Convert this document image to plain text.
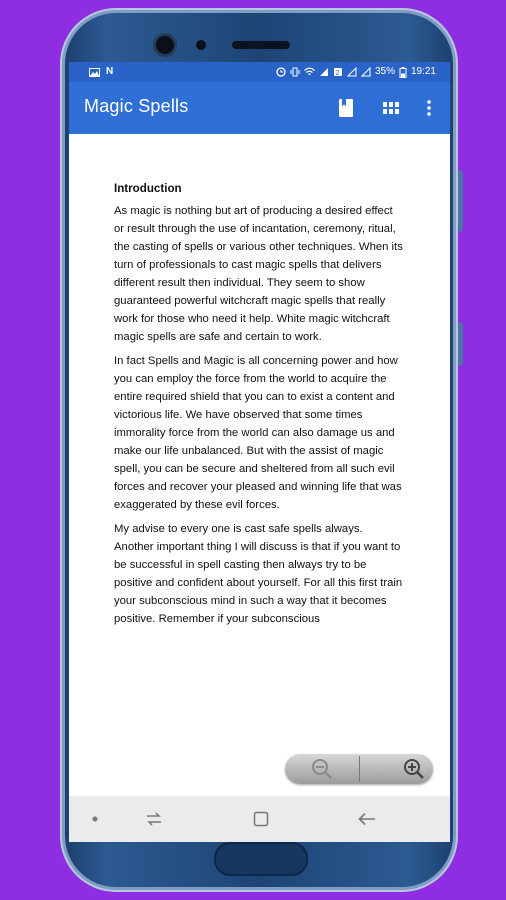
N	2	35% 19:21
Magic Spells
Introduction

As magic is nothing but art of producing a desired effect or result through the use of incantation, ceremony, ritual, the casting of spells or various other techniques. When its turn of professionals to cast magic spells that delivers different result then individual. They seem to show guaranteed powerful witchcraft magic spells that really work for those who need it help. White magic witchcraft magic spells are safe and certain to work.

In fact Spells and Magic is all concerning power and how you can employ the force from the world to acquire the entire required shield that you can to exist a content and victorious life. We have observed that some times immorality force from the world can also damage us and make our life unbalanced. But with the assist of magic spell, you can be secure and sheltered from all such evil forces and recover your pleased and winning life that was exaggerated by these evil forces.

My advise to every one is cast safe spells always. Another important thing I will discuss is that if you want to be successful in spell casting then always try to be positive and confident about yourself. For all this first train your subconscious mind in such a way that it becomes positive. Remember if your subconscious
